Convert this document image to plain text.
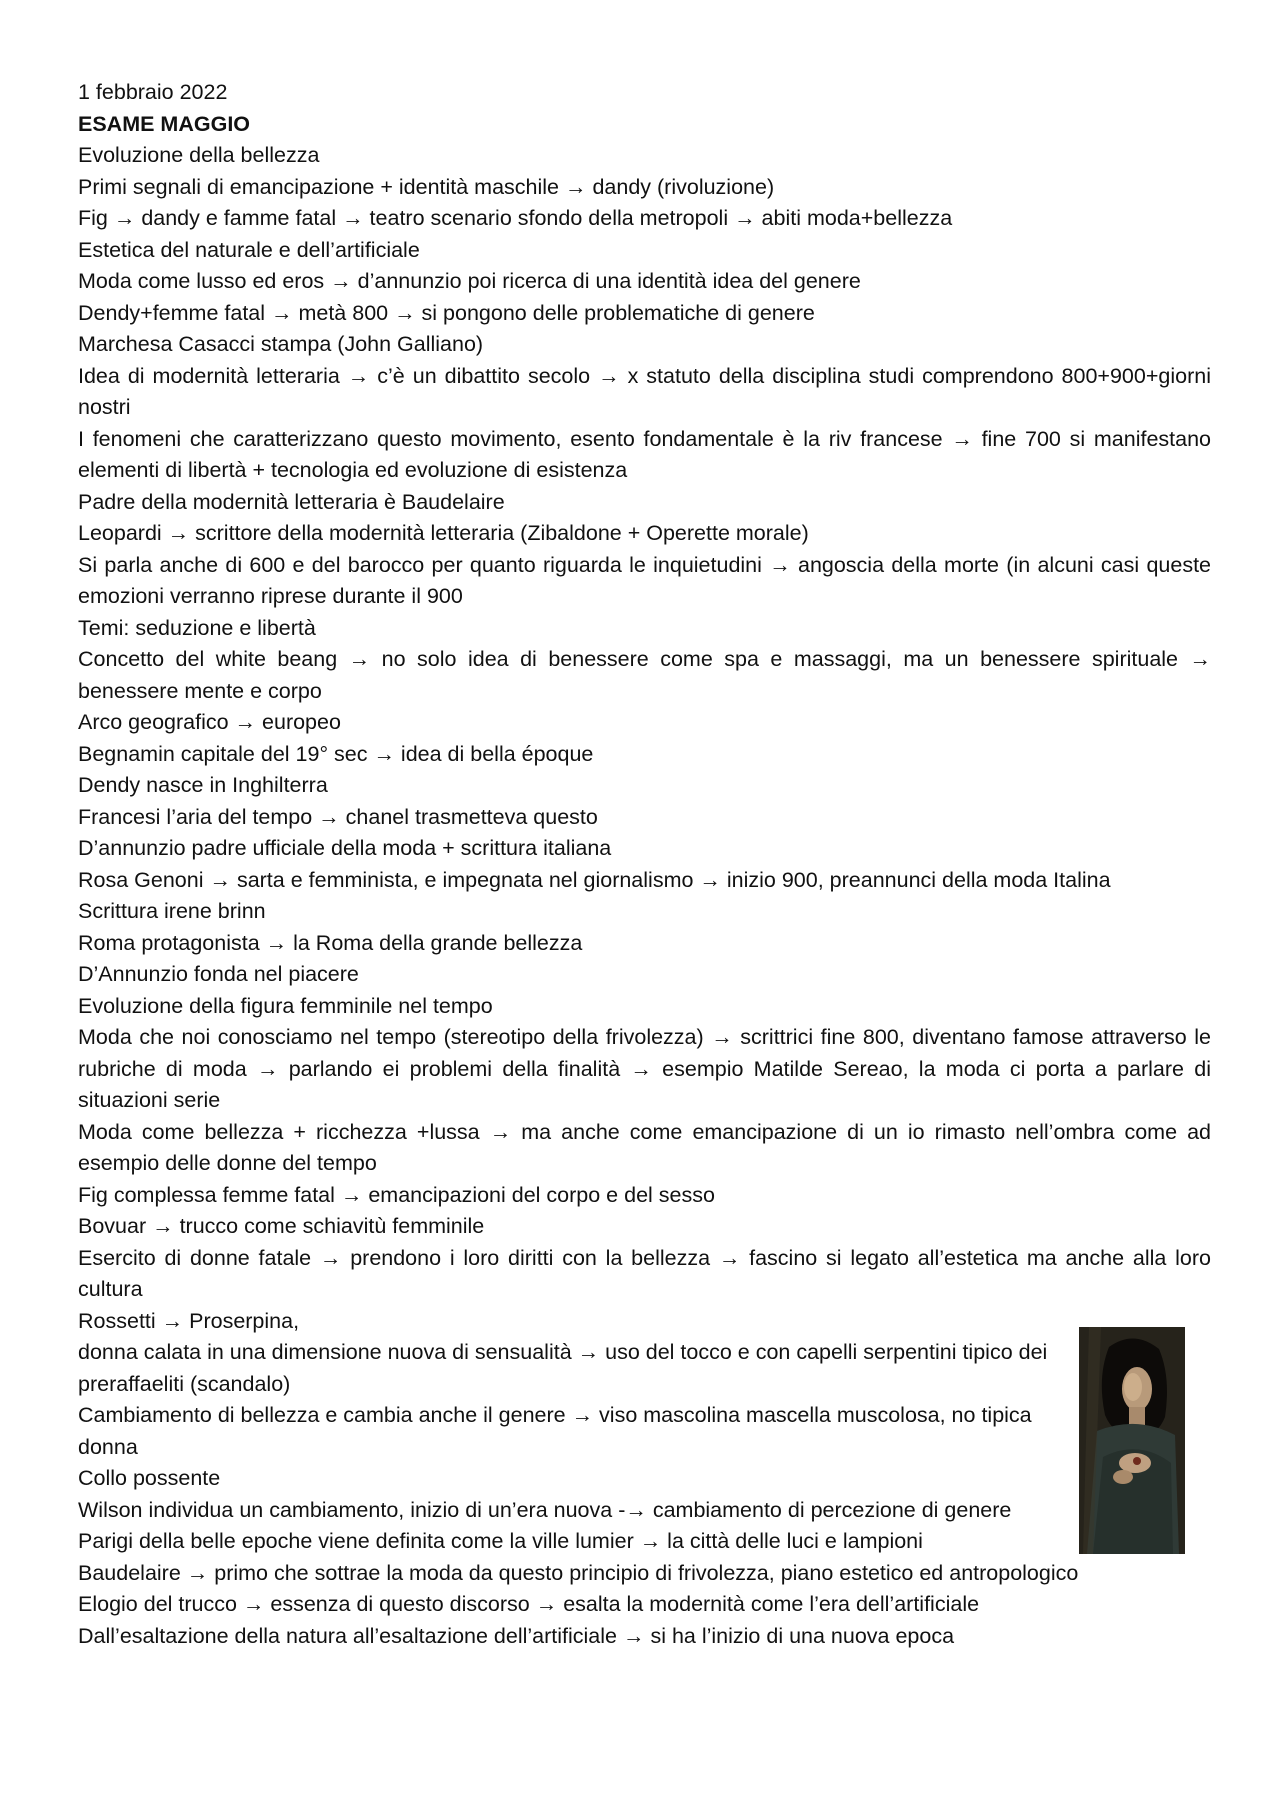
1 febbraio 2022
ESAME MAGGIO
Evoluzione della bellezza
Primi segnali di emancipazione + identità maschile → dandy (rivoluzione)
Fig → dandy e famme fatal → teatro scenario sfondo della metropoli → abiti moda+bellezza
Estetica del naturale e dell’artificiale
Moda come lusso ed eros → d’annunzio poi ricerca di una identità idea del genere
Dendy+femme fatal → metà 800 → si pongono delle problematiche di genere
Marchesa Casacci stampa (John Galliano)
Idea di modernità letteraria → c’è un dibattito secolo → x statuto della disciplina studi comprendono 800+900+giorni nostri
I fenomeni che caratterizzano questo movimento, esento fondamentale è la riv francese → fine 700 si manifestano elementi di libertà + tecnologia ed evoluzione di esistenza
Padre della modernità letteraria è Baudelaire
Leopardi → scrittore della modernità letteraria (Zibaldone + Operette morale)
Si parla anche di 600 e del barocco per quanto riguarda le inquietudini → angoscia della morte (in alcuni casi queste emozioni verranno riprese durante il 900
Temi: seduzione e libertà
Concetto del white beang → no solo idea di benessere come spa e massaggi, ma un benessere spirituale → benessere mente e corpo
Arco geografico → europeo
Begnamin capitale del 19° sec → idea di bella époque
Dendy nasce in Inghilterra
Francesi l’aria del tempo → chanel trasmetteva questo
D’annunzio padre ufficiale della moda + scrittura italiana
Rosa Genoni → sarta e femminista, e impegnata nel giornalismo → inizio 900, preannunci della moda Italina
Scrittura irene brinn
Roma protagonista → la Roma della grande bellezza
D’Annunzio fonda nel piacere
Evoluzione della figura femminile nel tempo
Moda che noi conosciamo nel tempo (stereotipo della frivolezza) → scrittrici fine 800, diventano famose attraverso le rubriche di moda → parlando ei problemi della finalità → esempio Matilde Sereao, la moda ci porta a parlare di situazioni serie
Moda come bellezza + ricchezza +lussa → ma anche come emancipazione di un io rimasto nell’ombra come ad esempio delle donne del tempo
Fig complessa femme fatal → emancipazioni del corpo e del sesso
Bovuar → trucco come schiavitù femminile
Esercito di donne fatale → prendono i loro diritti con la bellezza → fascino si legato all’estetica ma anche alla loro cultura
Rossetti → Proserpina,
donna calata in una dimensione nuova di sensualità → uso del tocco e con capelli serpentini tipico dei preraffaeliti (scandalo)
Cambiamento di bellezza e cambia anche il genere → viso mascolina mascella muscolosa, no tipica donna
Collo possente
Wilson individua un cambiamento, inizio di un’era nuova -→ cambiamento di percezione di genere
Parigi della belle epoche viene definita come la ville lumier → la città delle luci e lampioni
Baudelaire → primo che sottrae la moda da questo principio di frivolezza, piano estetico ed antropologico
Elogio del trucco → essenza di questo discorso → esalta la modernità come l’era dell’artificiale
Dall’esaltazione della natura all’esaltazione dell’artificiale → si ha l’inizio di una nuova epoca
